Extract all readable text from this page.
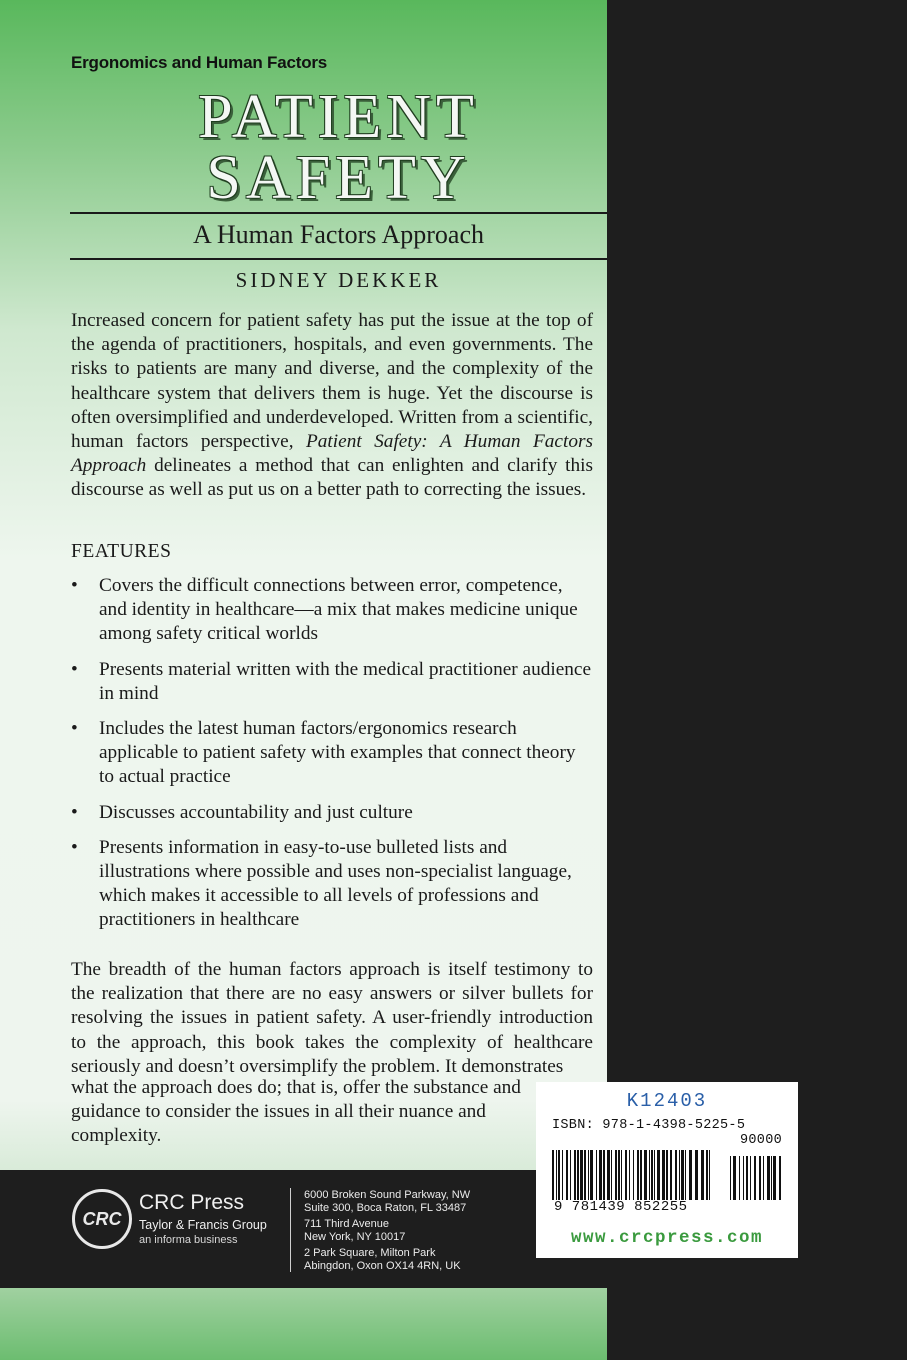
Ergonomics and Human Factors
PATIENT
SAFETY
A Human Factors Approach
SIDNEY DEKKER

Increased concern for patient safety has put the issue at the top of the agenda of practitioners, hospitals, and even governments. The risks to patients are many and diverse, and the complexity of the healthcare system that delivers them is huge. Yet the discourse is often oversimplified and underdeveloped. Written from a scientific, human factors perspective, Patient Safety: A Human Factors Approach delineates a method that can enlighten and clarify this discourse as well as put us on a better path to correcting the issues.

FEATURES
• Covers the difficult connections between error, competence, and identity in healthcare—a mix that makes medicine unique among safety critical worlds
• Presents material written with the medical practitioner audience in mind
• Includes the latest human factors/ergonomics research applicable to patient safety with examples that connect theory to actual practice
• Discusses accountability and just culture
• Presents information in easy-to-use bulleted lists and illustrations where possible and uses non-specialist language, which makes it accessible to all levels of professions and practitioners in healthcare

The breadth of the human factors approach is itself testimony to the realization that there are no easy answers or silver bullets for resolving the issues in patient safety. A user-friendly introduction to the approach, this book takes the complexity of healthcare seriously and doesn’t oversimplify the problem. It demonstrates

what the approach does do; that is, offer the substance and guidance to consider the issues in all their nuance and complexity.

CRC
CRC Press
Taylor & Francis Group
an informa business
6000 Broken Sound Parkway, NW
Suite 300, Boca Raton, FL 33487
711 Third Avenue
New York, NY 10017
2 Park Square, Milton Park
Abingdon, Oxon OX14 4RN, UK
K12403
ISBN: 978-1-4398-5225-5
90000
9 781439 852255
www.crcpress.com
